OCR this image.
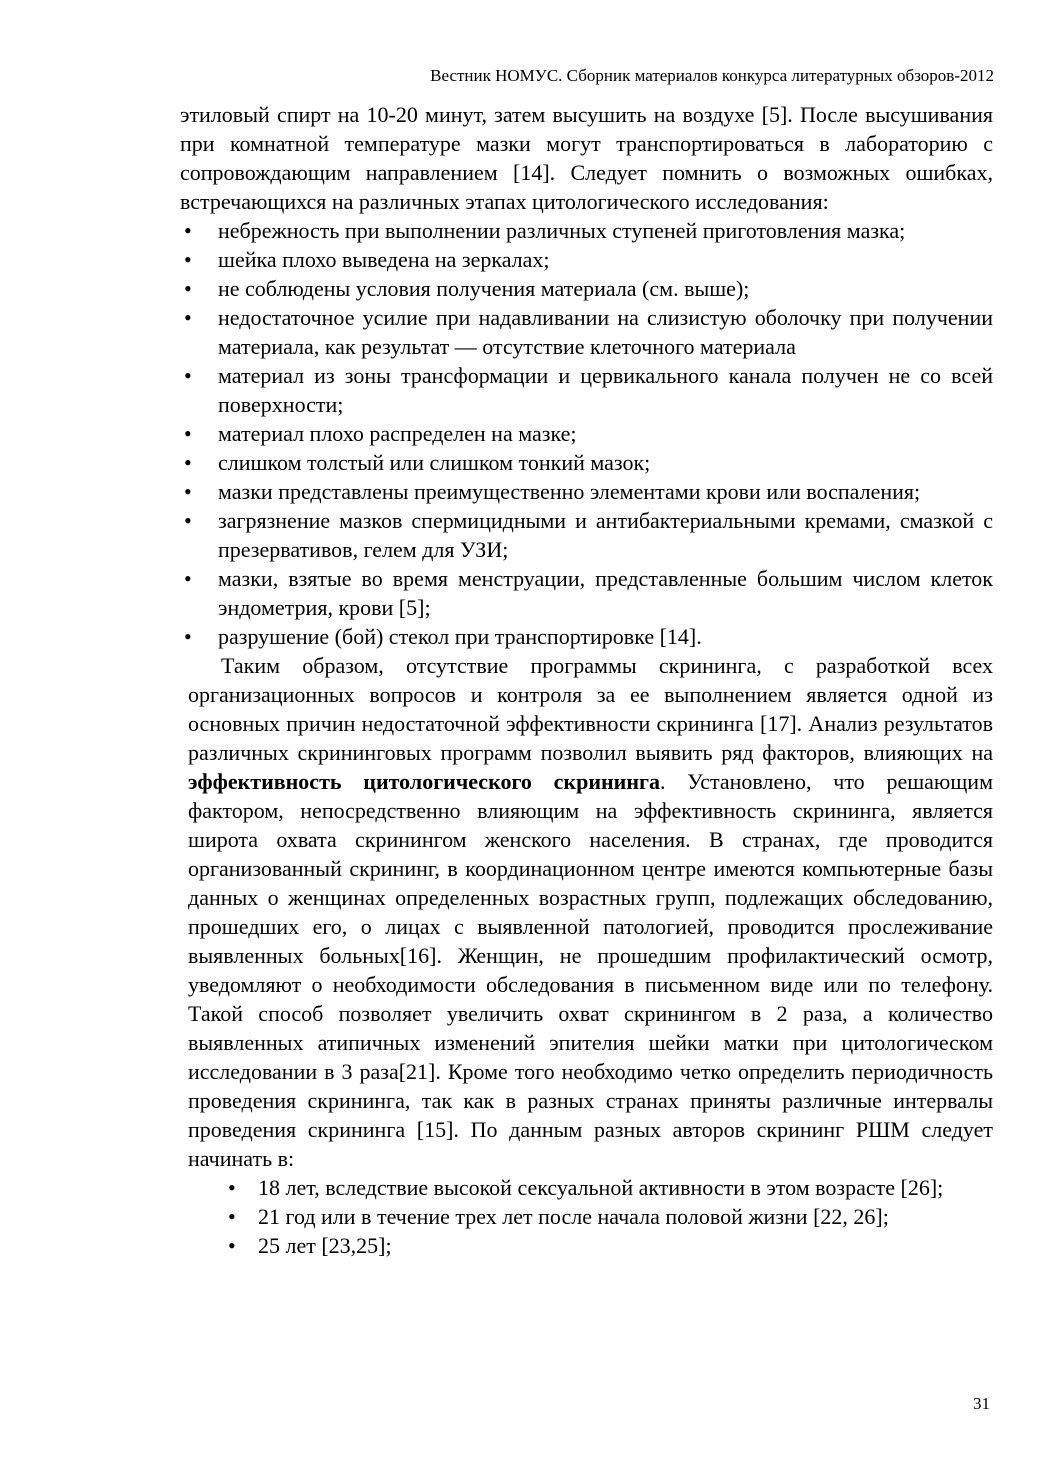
Вестник НОМУС. Сборник материалов конкурса литературных обзоров-2012

этиловый спирт на 10-20 минут, затем высушить на воздухе [5]. После высушивания при комнатной температуре мазки могут транспортироваться в лабораторию с сопровождающим направлением [14]. Следует помнить о возможных ошибках, встречающихся на различных этапах цитологического исследования:

• небрежность при выполнении различных ступеней приготовления мазка;
• шейка плохо выведена на зеркалах;
• не соблюдены условия получения материала (см. выше);
• недостаточное усилие при надавливании на слизистую оболочку при получении материала, как результат — отсутствие клеточного материала
• материал из зоны трансформации и цервикального канала получен не со всей поверхности;
• материал плохо распределен на мазке;
• слишком толстый или слишком тонкий мазок;
• мазки представлены преимущественно элементами крови или воспаления;
• загрязнение мазков спермицидными и антибактериальными кремами, смазкой с презервативов, гелем для УЗИ;
• мазки, взятые во время менструации, представленные большим числом клеток эндометрия, крови [5];
• разрушение (бой) стекол при транспортировке [14].

Таким образом, отсутствие программы скрининга, с разработкой всех организационных вопросов и контроля за ее выполнением является одной из основных причин недостаточной эффективности скрининга [17]. Анализ результатов различных скрининговых программ позволил выявить ряд факторов, влияющих на эффективность цитологического скрининга. Установлено, что решающим фактором, непосредственно влияющим на эффективность скрининга, является широта охвата скринингом женского населения. В странах, где проводится организованный скрининг, в координационном центре имеются компьютерные базы данных о женщинах определенных возрастных групп, подлежащих обследованию, прошедших его, о лицах с выявленной патологией, проводится прослеживание выявленных больных[16]. Женщин, не прошедшим профилактический осмотр, уведомляют о необходимости обследования в письменном виде или по телефону. Такой способ позволяет увеличить охват скринингом в 2 раза, а количество выявленных атипичных изменений эпителия шейки матки при цитологическом исследовании в 3 раза[21]. Кроме того необходимо четко определить периодичность проведения скрининга, так как в разных странах приняты различные интервалы проведения скрининга [15]. По данным разных авторов скрининг РШМ следует начинать в:

• 18 лет, вследствие высокой сексуальной активности в этом возрасте [26];
• 21 год или в течение трех лет после начала половой жизни [22, 26];
• 25 лет [23,25];
31
